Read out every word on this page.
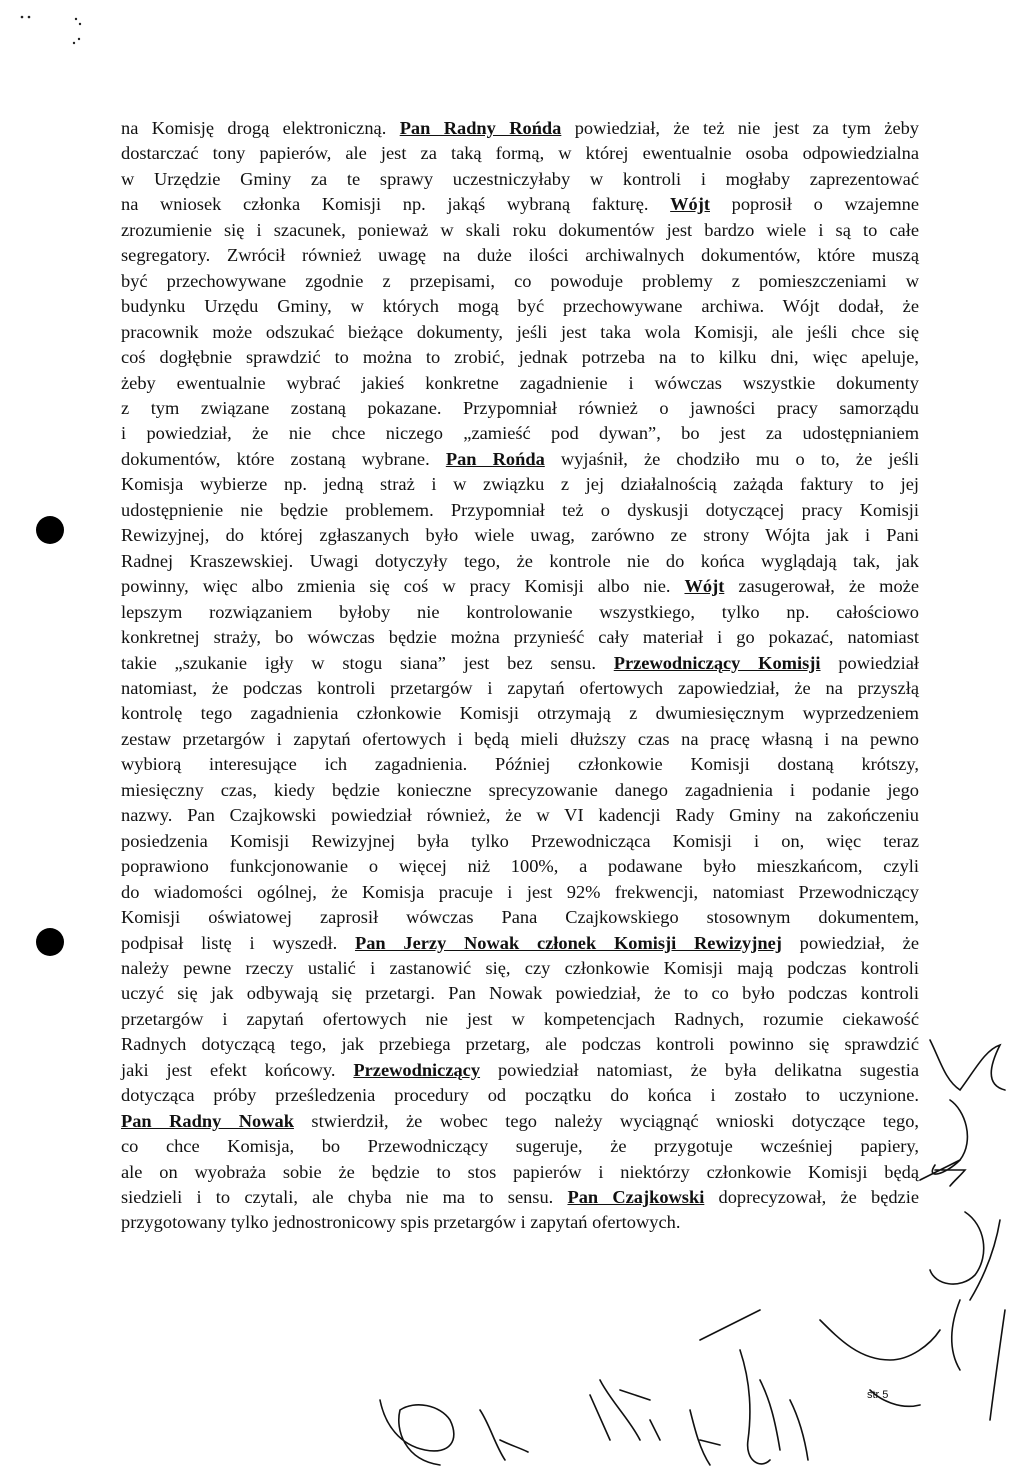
na Komisję drogą elektroniczną. Pan Radny Rońda powiedział, że też nie jest za tym żeby
dostarczać tony papierów, ale jest za taką formą, w której ewentualnie osoba odpowiedzialna
w Urzędzie Gminy za te sprawy uczestniczyłaby w kontroli i mogłaby zaprezentować
na wniosek członka Komisji np. jakąś wybraną fakturę. Wójt poprosił o wzajemne
zrozumienie się i szacunek, ponieważ w skali roku dokumentów jest bardzo wiele i są to całe
segregatory. Zwrócił również uwagę na duże ilości archiwalnych dokumentów, które muszą
być przechowywane zgodnie z przepisami, co powoduje problemy z pomieszczeniami w
budynku Urzędu Gminy, w których mogą być przechowywane archiwa. Wójt dodał, że
pracownik może odszukać bieżące dokumenty, jeśli jest taka wola Komisji, ale jeśli chce się
coś dogłębnie sprawdzić to można to zrobić, jednak potrzeba na to kilku dni, więc apeluje,
żeby ewentualnie wybrać jakieś konkretne zagadnienie i wówczas wszystkie dokumenty
z tym związane zostaną pokazane. Przypomniał również o jawności pracy samorządu
i powiedział, że nie chce niczego „zamieść pod dywan”, bo jest za udostępnianiem
dokumentów, które zostaną wybrane. Pan Rońda wyjaśnił, że chodziło mu o to, że jeśli
Komisja wybierze np. jedną straż i w związku z jej działalnością zażąda faktury to jej
udostępnienie nie będzie problemem. Przypomniał też o dyskusji dotyczącej pracy Komisji
Rewizyjnej, do której zgłaszanych było wiele uwag, zarówno ze strony Wójta jak i Pani
Radnej Kraszewskiej. Uwagi dotyczyły tego, że kontrole nie do końca wyglądają tak, jak
powinny, więc albo zmienia się coś w pracy Komisji albo nie. Wójt zasugerował, że może
lepszym rozwiązaniem byłoby nie kontrolowanie wszystkiego, tylko np. całościowo
konkretnej straży, bo wówczas będzie można przynieść cały materiał i go pokazać, natomiast
takie „szukanie igły w stogu siana” jest bez sensu. Przewodniczący Komisji powiedział
natomiast, że podczas kontroli przetargów i zapytań ofertowych zapowiedział, że na przyszłą
kontrolę tego zagadnienia członkowie Komisji otrzymają z dwumiesięcznym wyprzedzeniem
zestaw przetargów i zapytań ofertowych i będą mieli dłuższy czas na pracę własną i na pewno
wybiorą interesujące ich zagadnienia. Później członkowie Komisji dostaną krótszy,
miesięczny czas, kiedy będzie konieczne sprecyzowanie danego zagadnienia i podanie jego
nazwy. Pan Czajkowski powiedział również, że w VI kadencji Rady Gminy na zakończeniu
posiedzenia Komisji Rewizyjnej była tylko Przewodnicząca Komisji i on, więc teraz
poprawiono funkcjonowanie o więcej niż 100%, a podawane było mieszkańcom, czyli
do wiadomości ogólnej, że Komisja pracuje i jest 92% frekwencji, natomiast Przewodniczący
Komisji oświatowej zaprosił wówczas Pana Czajkowskiego stosownym dokumentem,
podpisał listę i wyszedł. Pan Jerzy Nowak członek Komisji Rewizyjnej powiedział, że
należy pewne rzeczy ustalić i zastanowić się, czy członkowie Komisji mają podczas kontroli
uczyć się jak odbywają się przetargi. Pan Nowak powiedział, że to co było podczas kontroli
przetargów i zapytań ofertowych nie jest w kompetencjach Radnych, rozumie ciekawość
Radnych dotyczącą tego, jak przebiega przetarg, ale podczas kontroli powinno się sprawdzić
jaki jest efekt końcowy. Przewodniczący powiedział natomiast, że była delikatna sugestia
dotycząca próby prześledzenia procedury od początku do końca i zostało to uczynione.
Pan Radny Nowak stwierdził, że wobec tego należy wyciągnąć wnioski dotyczące tego,
co chce Komisja, bo Przewodniczący sugeruje, że przygotuje wcześniej papiery,
ale on wyobraża sobie że będzie to stos papierów i niektórzy członkowie Komisji będą
siedzieli i to czytali, ale chyba nie ma to sensu. Pan Czajkowski doprecyzował, że będzie
przygotowany tylko jednostronicowy spis przetargów i zapytań ofertowych.
str 5
